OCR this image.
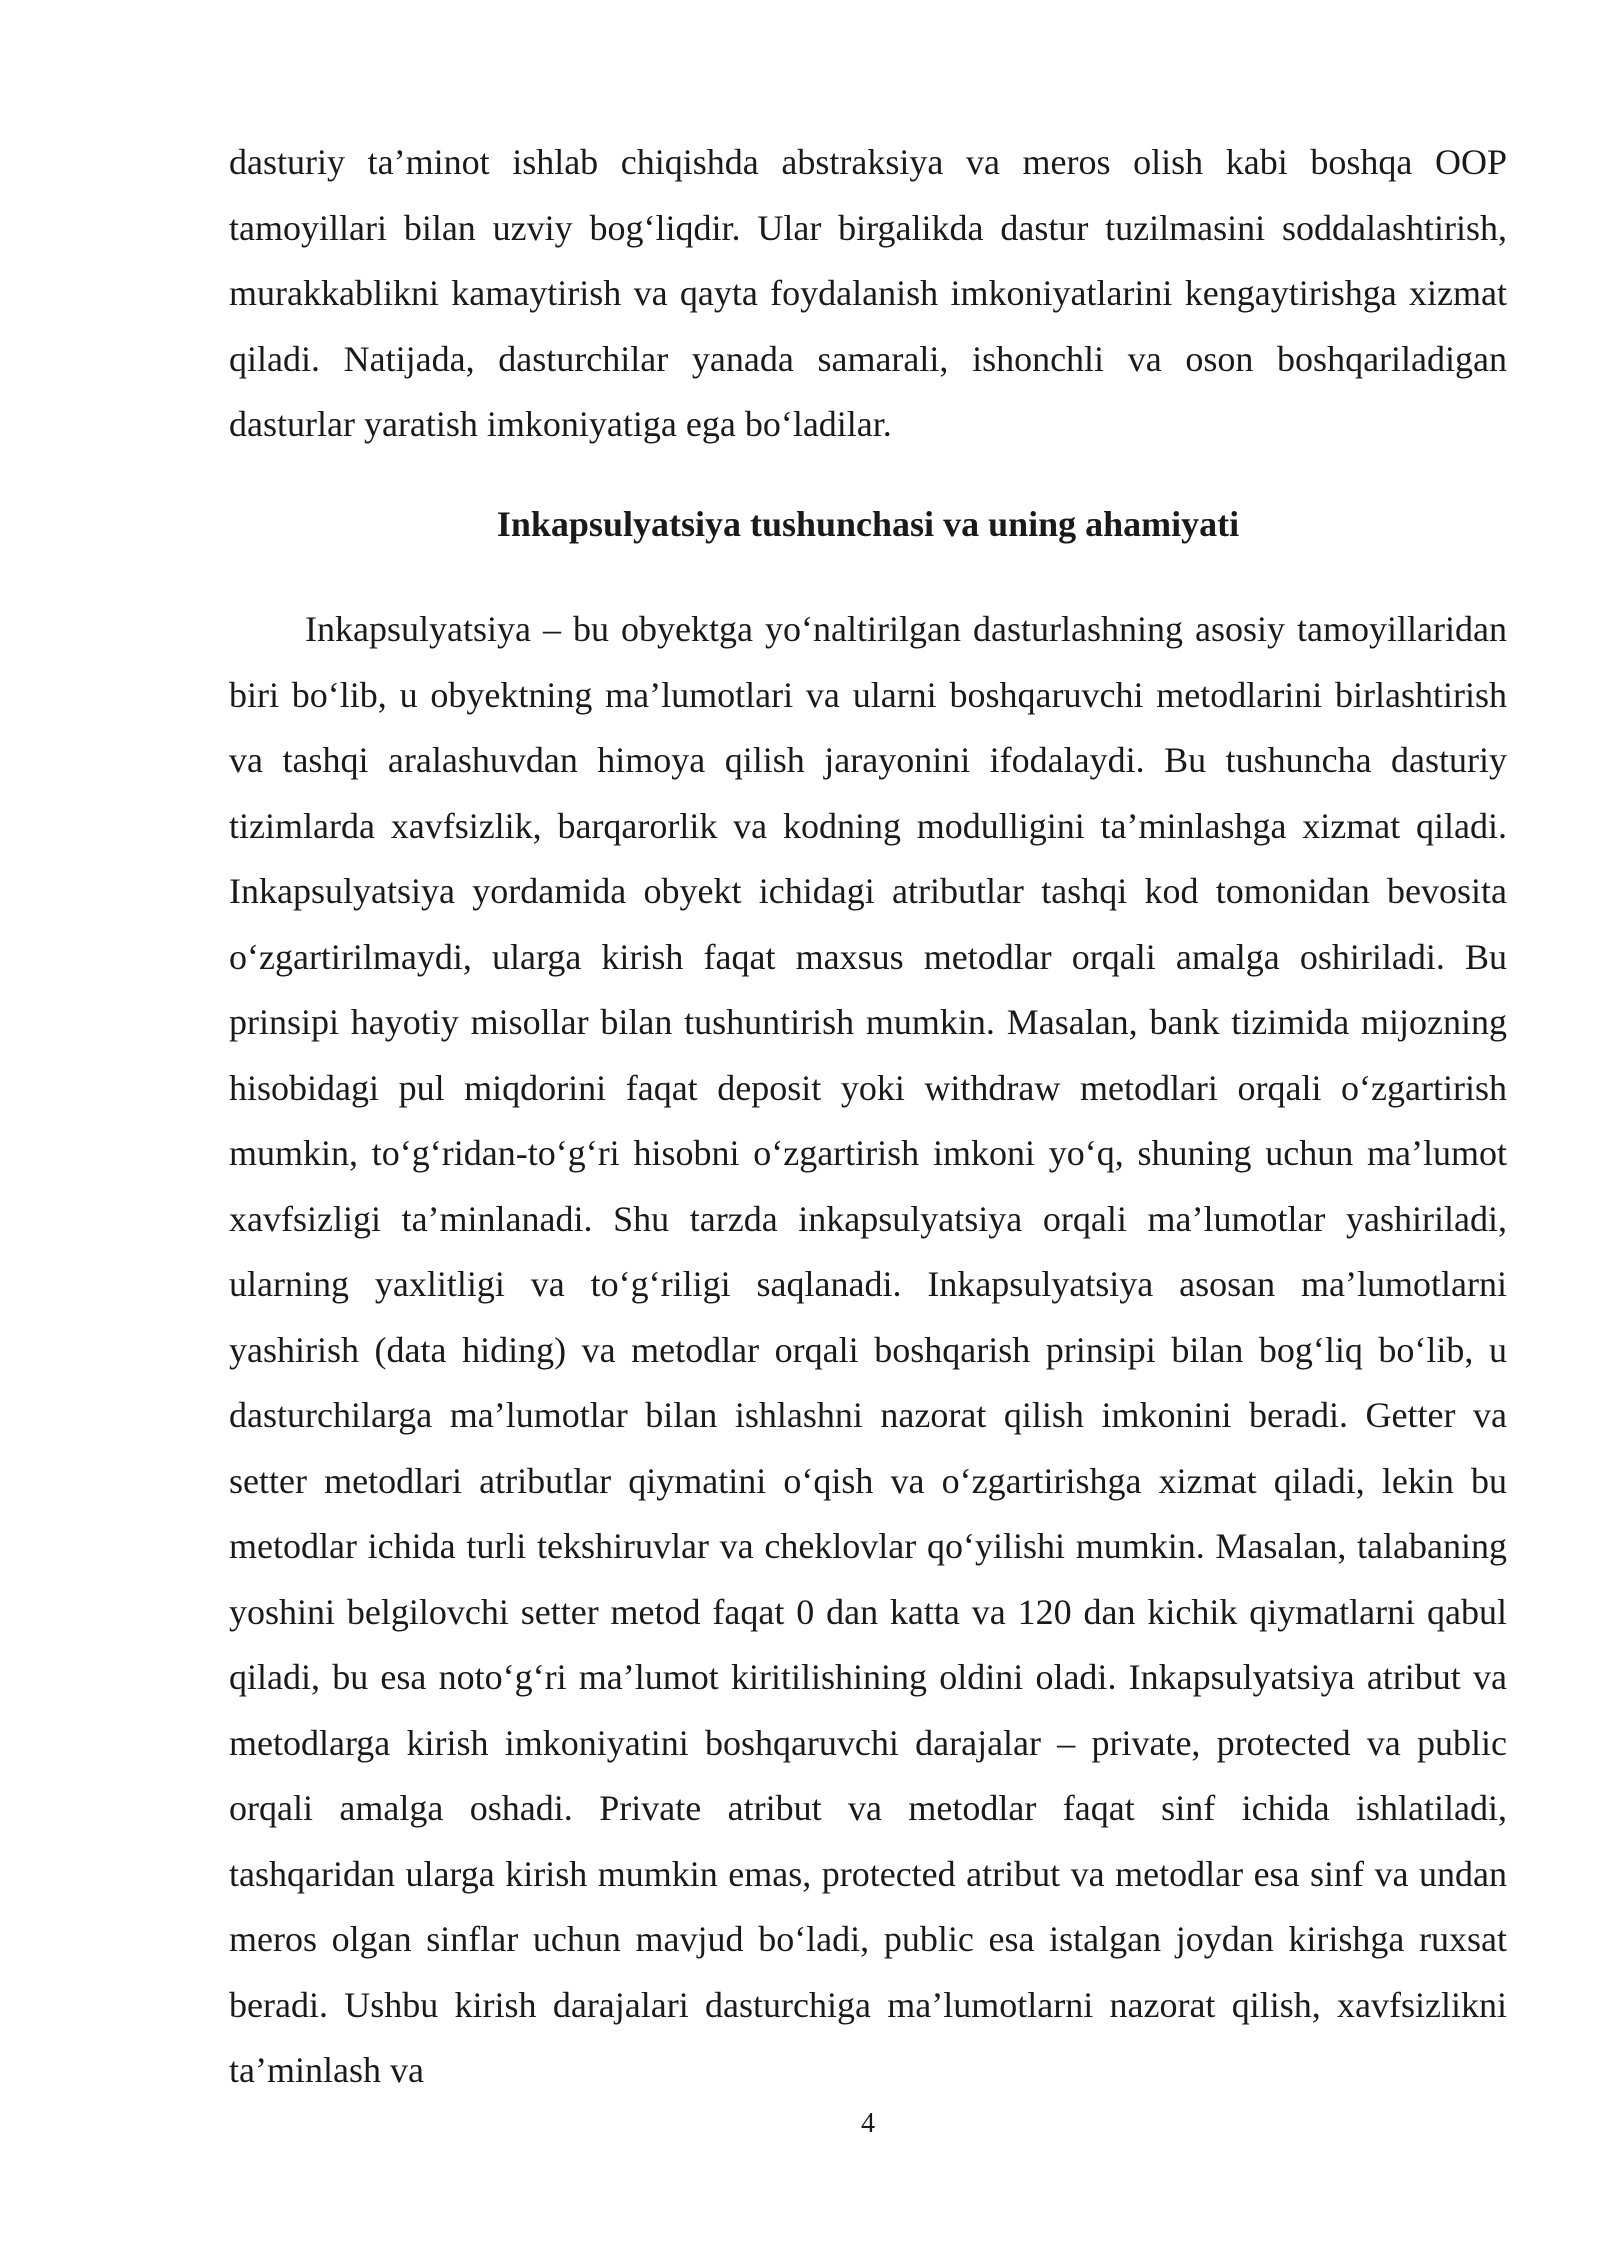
dasturiy ta’minot ishlab chiqishda abstraksiya va meros olish kabi boshqa OOP tamoyillari bilan uzviy bog‘liqdir. Ular birgalikda dastur tuzilmasini soddalashtirish, murakkablikni kamaytirish va qayta foydalanish imkoniyatlarini kengaytirishga xizmat qiladi. Natijada, dasturchilar yanada samarali, ishonchli va oson boshqariladigan dasturlar yaratish imkoniyatiga ega bo‘ladilar.

Inkapsulyatsiya tushunchasi va uning ahamiyati

Inkapsulyatsiya – bu obyektga yo‘naltirilgan dasturlashning asosiy tamoyillaridan biri bo‘lib, u obyektning ma’lumotlari va ularni boshqaruvchi metodlarini birlashtirish va tashqi aralashuvdan himoya qilish jarayonini ifodalaydi. Bu tushuncha dasturiy tizimlarda xavfsizlik, barqarorlik va kodning modulligini ta’minlashga xizmat qiladi. Inkapsulyatsiya yordamida obyekt ichidagi atributlar tashqi kod tomonidan bevosita o‘zgartirilmaydi, ularga kirish faqat maxsus metodlar orqali amalga oshiriladi. Bu prinsipi hayotiy misollar bilan tushuntirish mumkin. Masalan, bank tizimida mijozning hisobidagi pul miqdorini faqat deposit yoki withdraw metodlari orqali o‘zgartirish mumkin, to‘g‘ridan-to‘g‘ri hisobni o‘zgartirish imkoni yo‘q, shuning uchun ma’lumot xavfsizligi ta’minlanadi. Shu tarzda inkapsulyatsiya orqali ma’lumotlar yashiriladi, ularning yaxlitligi va to‘g‘riligi saqlanadi. Inkapsulyatsiya asosan ma’lumotlarni yashirish (data hiding) va metodlar orqali boshqarish prinsipi bilan bog‘liq bo‘lib, u dasturchilarga ma’lumotlar bilan ishlashni nazorat qilish imkonini beradi. Getter va setter metodlari atributlar qiymatini o‘qish va o‘zgartirishga xizmat qiladi, lekin bu metodlar ichida turli tekshiruvlar va cheklovlar qo‘yilishi mumkin. Masalan, talabaning yoshini belgilovchi setter metod faqat 0 dan katta va 120 dan kichik qiymatlarni qabul qiladi, bu esa noto‘g‘ri ma’lumot kiritilishining oldini oladi. Inkapsulyatsiya atribut va metodlarga kirish imkoniyatini boshqaruvchi darajalar – private, protected va public orqali amalga oshadi. Private atribut va metodlar faqat sinf ichida ishlatiladi, tashqaridan ularga kirish mumkin emas, protected atribut va metodlar esa sinf va undan meros olgan sinflar uchun mavjud bo‘ladi, public esa istalgan joydan kirishga ruxsat beradi. Ushbu kirish darajalari dasturchiga ma’lumotlarni nazorat qilish, xavfsizlikni ta’minlash va

4
